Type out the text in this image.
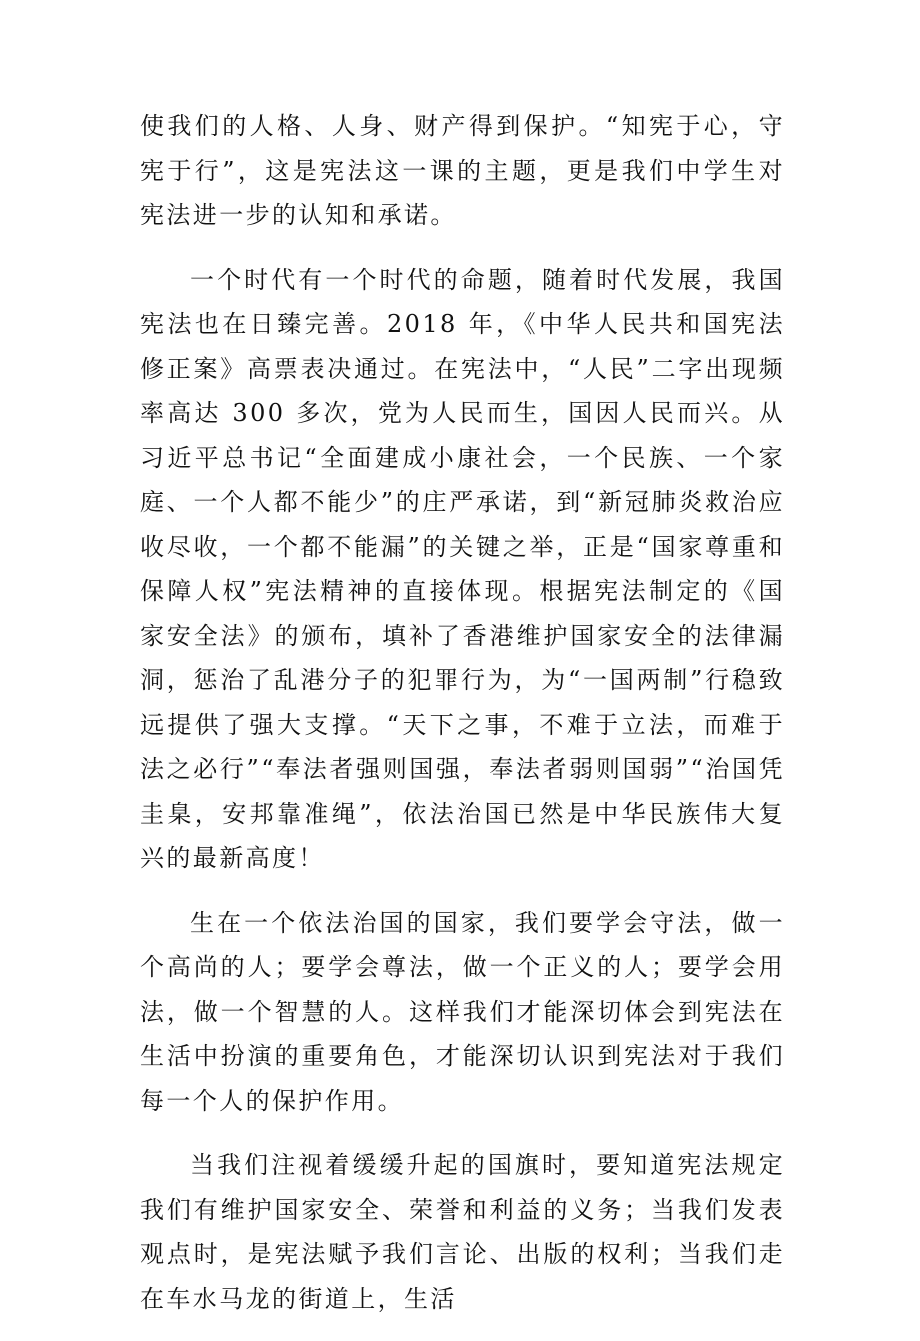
使我们的人格、人身、财产得到保护。“知宪于心，守宪于行”，这是宪法这一课的主题，更是我们中学生对宪法进一步的认知和承诺。

一个时代有一个时代的命题，随着时代发展，我国宪法也在日臻完善。2018 年，《中华人民共和国宪法修正案》高票表决通过。在宪法中，“人民”二字出现频率高达 300 多次，党为人民而生，国因人民而兴。从习近平总书记“全面建成小康社会，一个民族、一个家庭、一个人都不能少”的庄严承诺，到“新冠肺炎救治应收尽收，一个都不能漏”的关键之举，正是“国家尊重和保障人权”宪法精神的直接体现。根据宪法制定的《国家安全法》的颁布，填补了香港维护国家安全的法律漏洞，惩治了乱港分子的犯罪行为，为“一国两制”行稳致远提供了强大支撑。“天下之事，不难于立法，而难于法之必行”“奉法者强则国强，奉法者弱则国弱”“治国凭圭臬，安邦靠准绳”，依法治国已然是中华民族伟大复兴的最新高度！

生在一个依法治国的国家，我们要学会守法，做一个高尚的人；要学会尊法，做一个正义的人；要学会用法，做一个智慧的人。这样我们才能深切体会到宪法在生活中扮演的重要角色，才能深切认识到宪法对于我们每一个人的保护作用。

当我们注视着缓缓升起的国旗时，要知道宪法规定我们有维护国家安全、荣誉和利益的义务；当我们发表观点时，是宪法赋予我们言论、出版的权利；当我们走在车水马龙的街道上，生活
